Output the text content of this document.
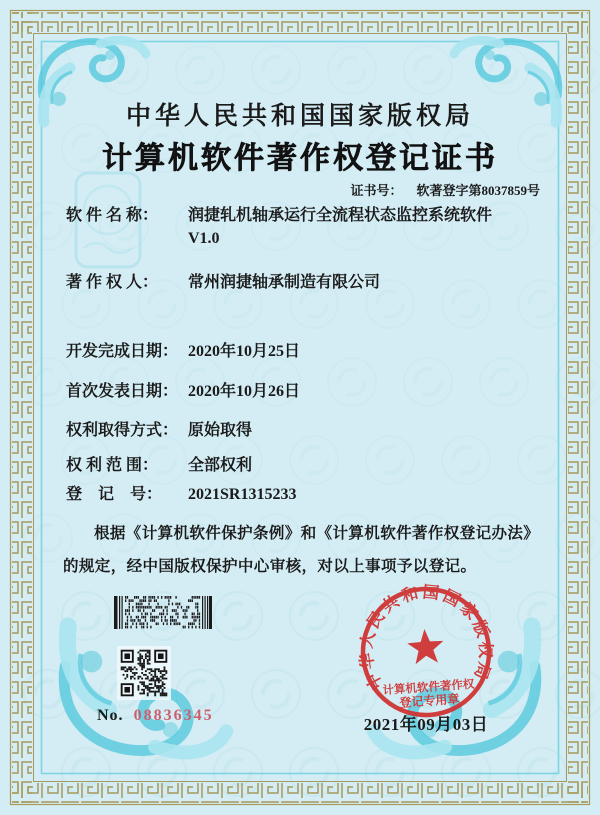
中华人民共和国国家版权局
计算机软件著作权登记证书
证书号： 软著登字第8037859号
软 件 名 称：	润捷轧机轴承运行全流程状态监控系统软件
V1.0
著 作 权 人：	常州润捷轴承制造有限公司
开发完成日期： 2020年10月25日
首次发表日期： 2020年10月26日
权利取得方式： 原始取得
权 利 范 围：	全部权利
登　记　号：	2021SR1315233
根据《计算机软件保护条例》和《计算机软件著作权登记办法》的规定，经中国版权保护中心审核，对以上事项予以登记。
No. 08836345
中华人民共和国国家版权局
计算机软件著作权
登记专用章
2021年09月03日
